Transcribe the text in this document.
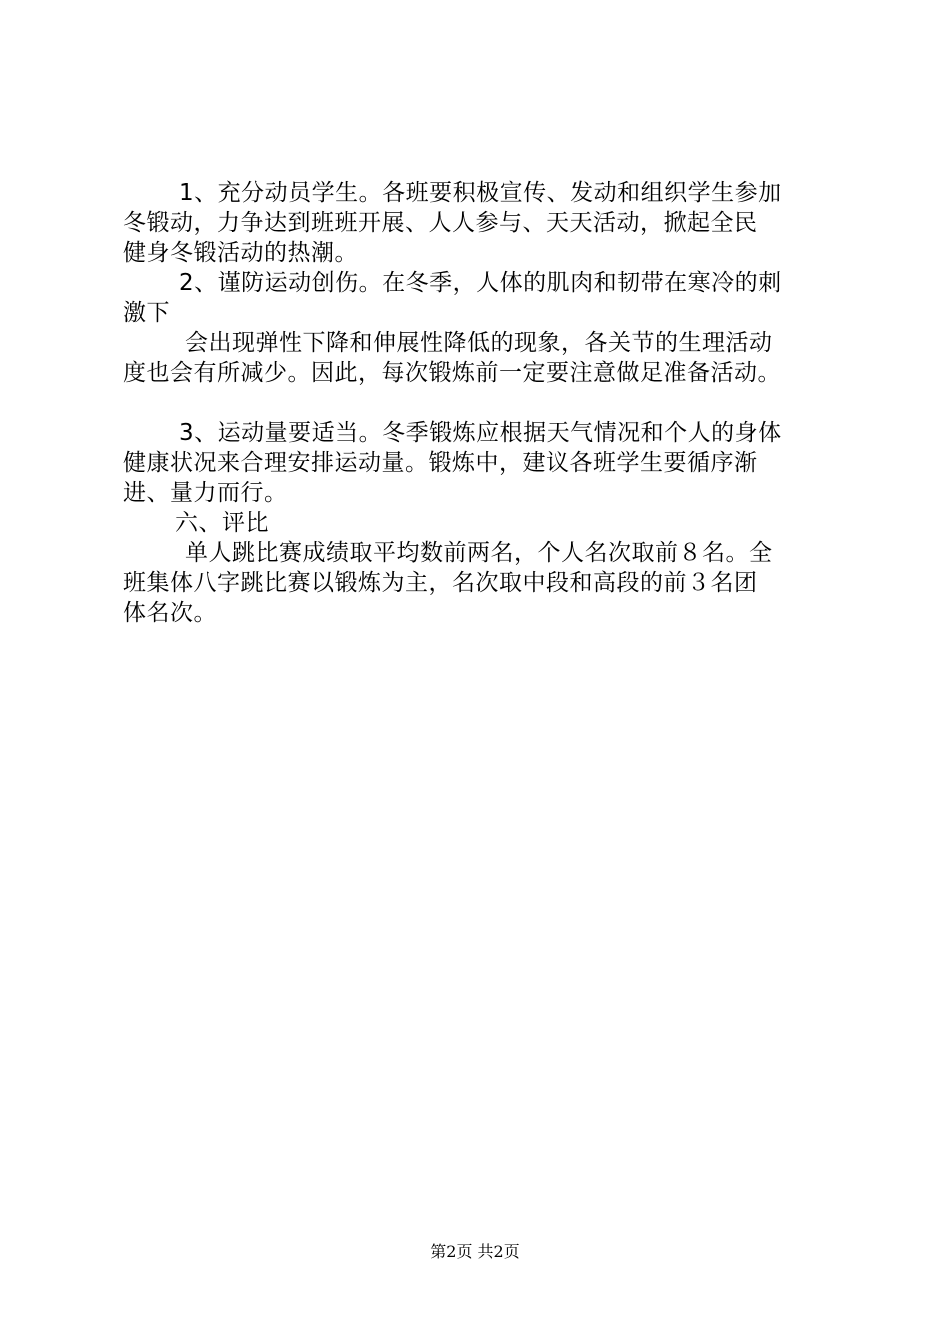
1、充分动员学生。各班要积极宣传、发动和组织学生参加
冬锻动，力争达到班班开展、人人参与、天天活动，掀起全民
健身冬锻活动的热潮。
2、谨防运动创伤。在冬季，人体的肌肉和韧带在寒冷的刺
激下
会出现弹性下降和伸展性降低的现象，各关节的生理活动
度也会有所减少。因此，每次锻炼前一定要注意做足准备活动。
3、运动量要适当。冬季锻炼应根据天气情况和个人的身体
健康状况来合理安排运动量。锻炼中，建议各班学生要循序渐
进、量力而行。
六、评比
单人跳比赛成绩取平均数前两名，个人名次取前８名。全
班集体八字跳比赛以锻炼为主，名次取中段和高段的前３名团
体名次。
第2页 共2页
